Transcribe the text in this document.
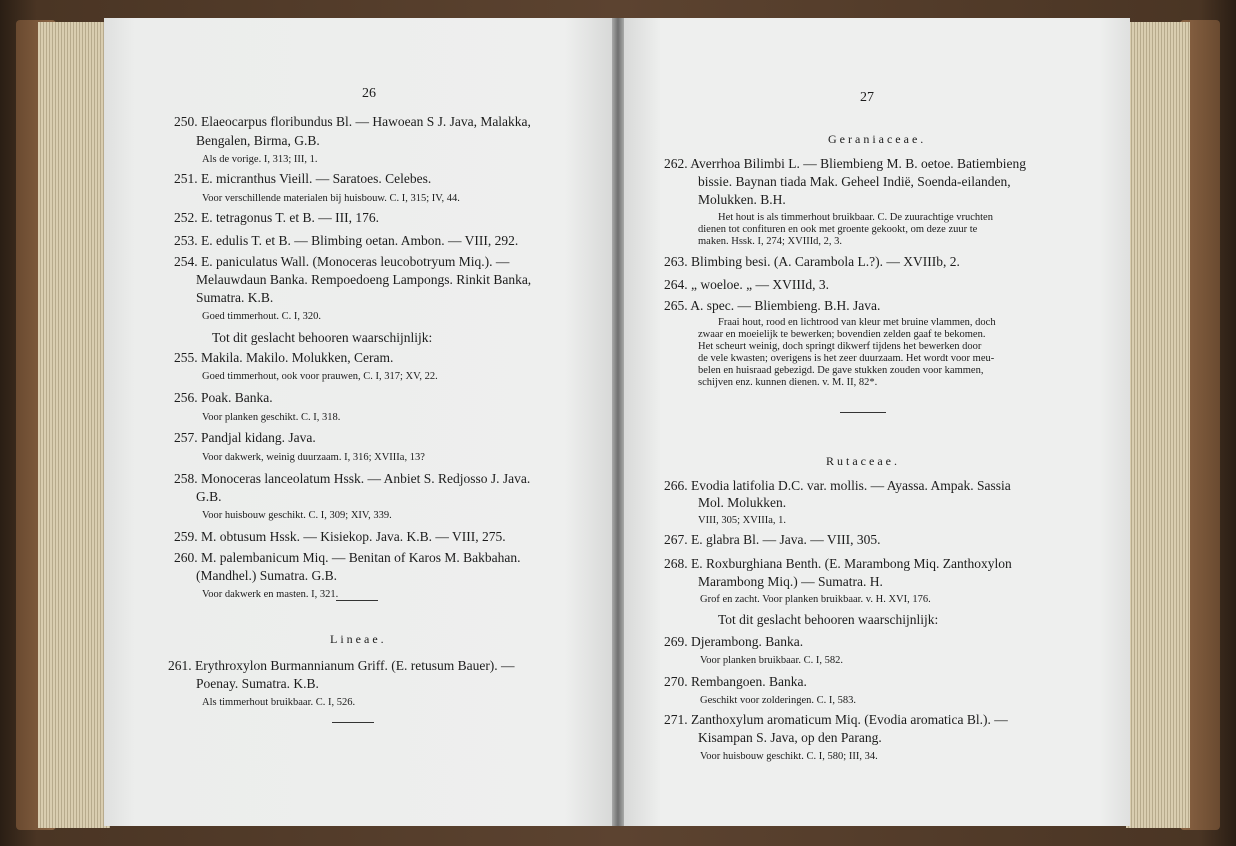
26
250. Elaeocarpus floribundus Bl. — Hawoean S J. Java, Malakka,
Bengalen, Birma, G.B.
Als de vorige. I, 313; III, 1.
251. E. micranthus Vieill. — Saratoes. Celebes.
Voor verschillende materialen bij huisbouw. C. I, 315; IV, 44.
252. E. tetragonus T. et B. — III, 176.
253. E. edulis T. et B. — Blimbing oetan. Ambon. — VIII, 292.
254. E. paniculatus Wall. (Monoceras leucobotryum Miq.). —
Melauwdaun Banka. Rempoedoeng Lampongs. Rinkit Banka,
Sumatra. K.B.
Goed timmerhout. C. I, 320.
Tot dit geslacht behooren waarschijnlijk:
255. Makila. Makilo. Molukken, Ceram.
Goed timmerhout, ook voor prauwen, C. I, 317; XV, 22.
256. Poak. Banka.
Voor planken geschikt. C. I, 318.
257. Pandjal kidang. Java.
Voor dakwerk, weinig duurzaam. I, 316; XVIIIa, 13?
258. Monoceras lanceolatum Hssk. — Anbiet S. Redjosso J. Java.
G.B.
Voor huisbouw geschikt. C. I, 309; XIV, 339.
259. M. obtusum Hssk. — Kisiekop. Java. K.B. — VIII, 275.
260. M. palembanicum Miq. — Benitan of Karos M. Bakbahan.
(Mandhel.) Sumatra. G.B.
Voor dakwerk en masten. I, 321.
Lineae.
261. Erythroxylon Burmannianum Griff. (E. retusum Bauer). —
Poenay. Sumatra. K.B.
Als timmerhout bruikbaar. C. I, 526.
27
Geraniaceae.
262. Averrhoa Bilimbi L. — Bliembieng M. B. oetoe. Batiembieng
bissie. Baynan tiada Mak. Geheel Indië, Soenda-eilanden,
Molukken. B.H.
Het hout is als timmerhout bruikbaar. C. De zuurachtige vruchten
dienen tot confituren en ook met groente gekookt, om deze zuur te
maken. Hssk. I, 274; XVIIId, 2, 3.
263. Blimbing besi. (A. Carambola L.?). — XVIIIb, 2.
264. „ woeloe. „ — XVIIId, 3.
265. A. spec. — Bliembieng. B.H. Java.
Fraai hout, rood en lichtrood van kleur met bruine vlammen, doch
zwaar en moeielijk te bewerken; bovendien zelden gaaf te bekomen.
Het scheurt weinig, doch springt dikwerf tijdens het bewerken door
de vele kwasten; overigens is het zeer duurzaam. Het wordt voor meu-
belen en huisraad gebezigd. De gave stukken zouden voor kammen,
schijven enz. kunnen dienen. v. M. II, 82*.
Rutaceae.
266. Evodia latifolia D.C. var. mollis. — Ayassa. Ampak. Sassia
Mol. Molukken.
VIII, 305; XVIIIa, 1.
267. E. glabra Bl. — Java. — VIII, 305.
268. E. Roxburghiana Benth. (E. Marambong Miq. Zanthoxylon
Marambong Miq.) — Sumatra. H.
Grof en zacht. Voor planken bruikbaar. v. H. XVI, 176.
Tot dit geslacht behooren waarschijnlijk:
269. Djerambong. Banka.
Voor planken bruikbaar. C. I, 582.
270. Rembangoen. Banka.
Geschikt voor zolderingen. C. I, 583.
271. Zanthoxylum aromaticum Miq. (Evodia aromatica Bl.). —
Kisampan S. Java, op den Parang.
Voor huisbouw geschikt. C. I, 580; III, 34.
